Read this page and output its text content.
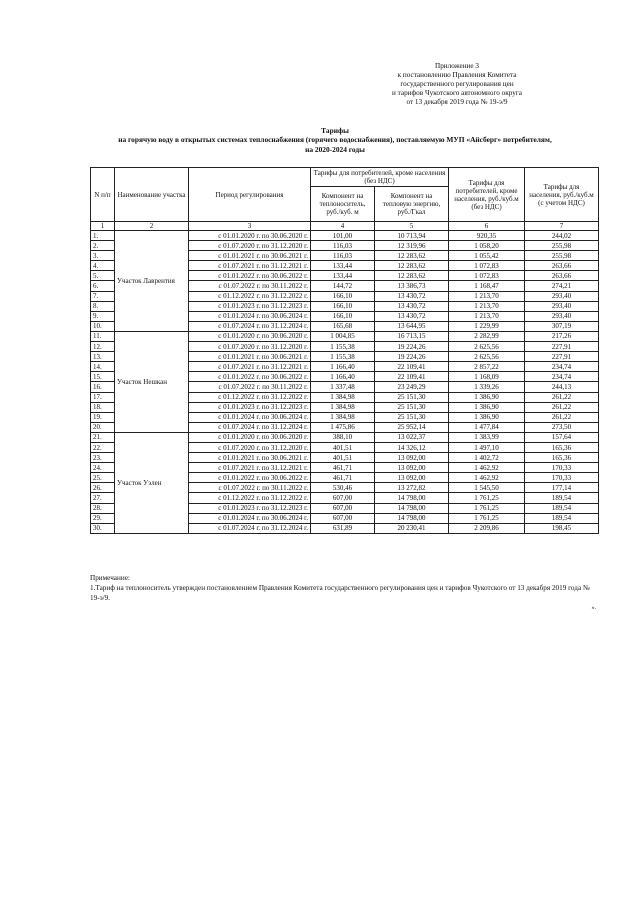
Приложение 3
к постановлению Правления Комитета
государственного регулирования цен
и тарифов Чукотского автономного округа
от 13 декабря 2019 года № 19-э/9
Тарифы
на горячую воду в открытых системах теплоснабжения (горячего водоснабжения), поставляемую МУП «Айсберг» потребителям,
на 2020-2024 годы
N п/п	Наименование участка	Период регулирования	Тарифы для потребителей, кроме населения (без НДС)		Тарифы для потребителей, кроме населения, руб./куб.м (без НДС)	Тарифы для населения, руб./куб.м (с учетом НДС)
			Компонент на теплоноситель, руб./куб. м	Компонент на тепловую энергию, руб./Гкал		
1	2	3	4	5	6	7
1.	Участок Лаврентия	с 01.01.2020 г. по 30.06.2020 г.	101,00	10 713,94	920,35	244,02
2.		с 01.07.2020 г. по 31.12.2020 г.	116,03	12 319,96	1 058,20	255,98
3.		с 01.01.2021 г. по 30.06.2021 г.	116,03	12 283,62	1 055,42	255,98
4.		с 01.07.2021 г. по 31.12.2021 г.	133,44	12 283,62	1 072,83	263,66
5.		с 01.01.2022 г. по 30.06.2022 г.	133,44	12 283,62	1 072,83	263,66
6.		с 01.07.2022 г. по 30.11.2022 г.	144,72	13 386,73	1 168,47	274,21
7.		с 01.12.2022 г. по 31.12.2022 г.	166,10	13 430,72	1 213,70	293,40
8.		с 01.01.2023 г. по 31.12.2023 г.	166,10	13 430,72	1 213,70	293,40
9.		с 01.01.2024 г. по 30.06.2024 г.	166,10	13 430,72	1 213,70	293,40
10.		с 01.07.2024 г. по 31.12.2024 г.	165,68	13 644,95	1 229,99	307,19
11.	Участок Нешкан	с 01.01.2020 г. по 30.06.2020 г.	1 004,85	16 713,15	2 282,99	217,26
12.		с 01.07.2020 г. по 31.12.2020 г.	1 155,38	19 224,26	2 625,56	227,91
13.		с 01.01.2021 г. по 30.06.2021 г.	1 155,38	19 224,26	2 625,56	227,91
14.		с 01.07.2021 г. по 31.12.2021 г.	1 166,40	22 109,41	2 857,22	234,74
15.		с 01.01.2022 г. по 30.06.2022 г.	1 166,40	22 109,41	1 168,09	234,74
16.		с 01.07.2022 г. по 30.11.2022 г.	1 337,48	23 249,29	1 339,26	244,13
17.		с 01.12.2022 г. по 31.12.2022 г.	1 384,98	25 151,30	1 386,90	261,22
18.		с 01.01.2023 г. по 31.12.2023 г.	1 384,98	25 151,30	1 386,90	261,22
19.		с 01.01.2024 г. по 30.06.2024 г.	1 384,98	25 151,30	1 386,90	261,22
20.		с 01.07.2024 г. по 31.12.2024 г.	1 475,86	25 952,14	1 477,84	273,50
21.	Участок Уэлен	с 01.01.2020 г. по 30.06.2020 г.	388,10	13 022,37	1 383,99	157,64
22.		с 01.07.2020 г. по 31.12.2020 г.	401,51	14 326,12	1 497,10	165,36
23.		с 01.01.2021 г. по 30.06.2021 г.	401,51	13 092,00	1 402,72	165,36
24.		с 01.07.2021 г. по 31.12.2021 г.	461,71	13 092,00	1 462,92	170,33
25.		с 01.01.2022 г. по 30.06.2022 г.	461,71	13 092,00	1 462,92	170,33
26.		с 01.07.2022 г. по 30.11.2022 г.	530,46	13 272,82	1 545,50	177,14
27.		с 01.12.2022 г. по 31.12.2022 г.	607,00	14 798,00	1 761,25	189,54
28.		с 01.01.2023 г. по 31.12.2023 г.	607,00	14 798,00	1 761,25	189,54
29.		с 01.01.2024 г. по 30.06.2024 г.	607,00	14 798,00	1 761,25	189,54
30.		с 01.07.2024 г. по 31.12.2024 г.	631,89	20 230,41	2 209,86	198,45
Примечание:
1.Тариф на теплоноситель утвержден постановлением Правления Комитета государственного регулирования цен и тарифов Чукотского от 13 декабря 2019 года № 19-э/9.
».
